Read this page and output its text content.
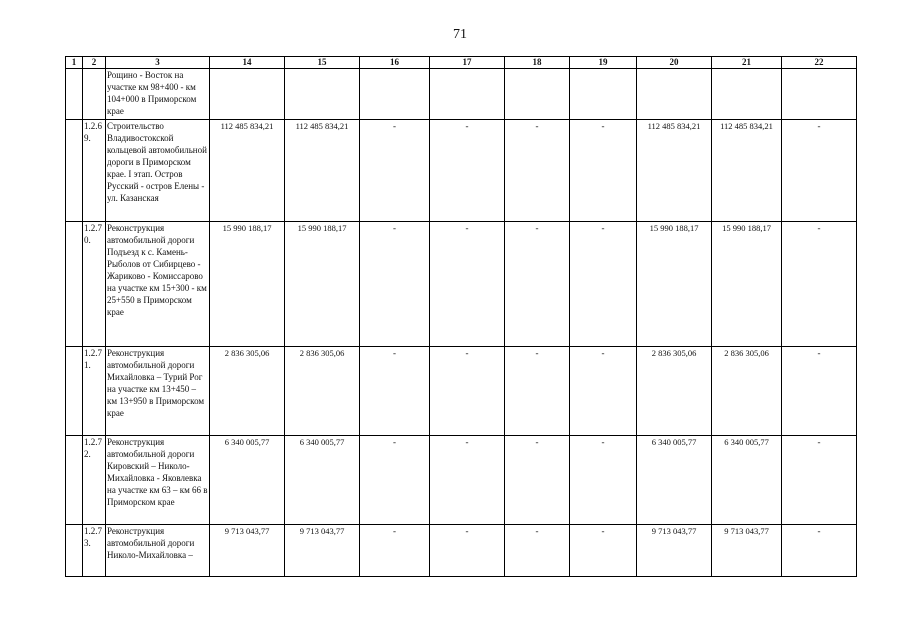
71
1	2	3	14	15	16	17	18	19	20	21	22
		Рощино - Восток на участке км 98+400 - км 104+000 в Приморском крае									
	1.2.6 9.	Строительство Владивостокской кольцевой автомобильной дороги в Приморском крае. I этап. Остров Русский - остров Елены - ул. Казанская	112 485 834,21	112 485 834,21	-	-	-	-	112 485 834,21	112 485 834,21	-
	1.2.7 0.	Реконструкция автомобильной дороги Подъезд к с. Камень-Рыболов от Сибирцево - Жариково - Комиссарово на участке км 15+300 - км 25+550 в Приморском крае	15 990 188,17	15 990 188,17	-	-	-	-	15 990 188,17	15 990 188,17	-
	1.2.7 1.	Реконструкция автомобильной дороги Михайловка – Турий Рог на участке км 13+450 – км 13+950 в Приморском крае	2 836 305,06	2 836 305,06	-	-	-	-	2 836 305,06	2 836 305,06	-
	1.2.7 2.	Реконструкция автомобильной дороги Кировский – Николо-Михайловка - Яковлевка на участке км 63 – км 66 в Приморском крае	6 340 005,77	6 340 005,77	-	-	-	-	6 340 005,77	6 340 005,77	-
	1.2.7 3.	Реконструкция автомобильной дороги Николо-Михайловка –	9 713 043,77	9 713 043,77	-	-	-	-	9 713 043,77	9 713 043,77	-
